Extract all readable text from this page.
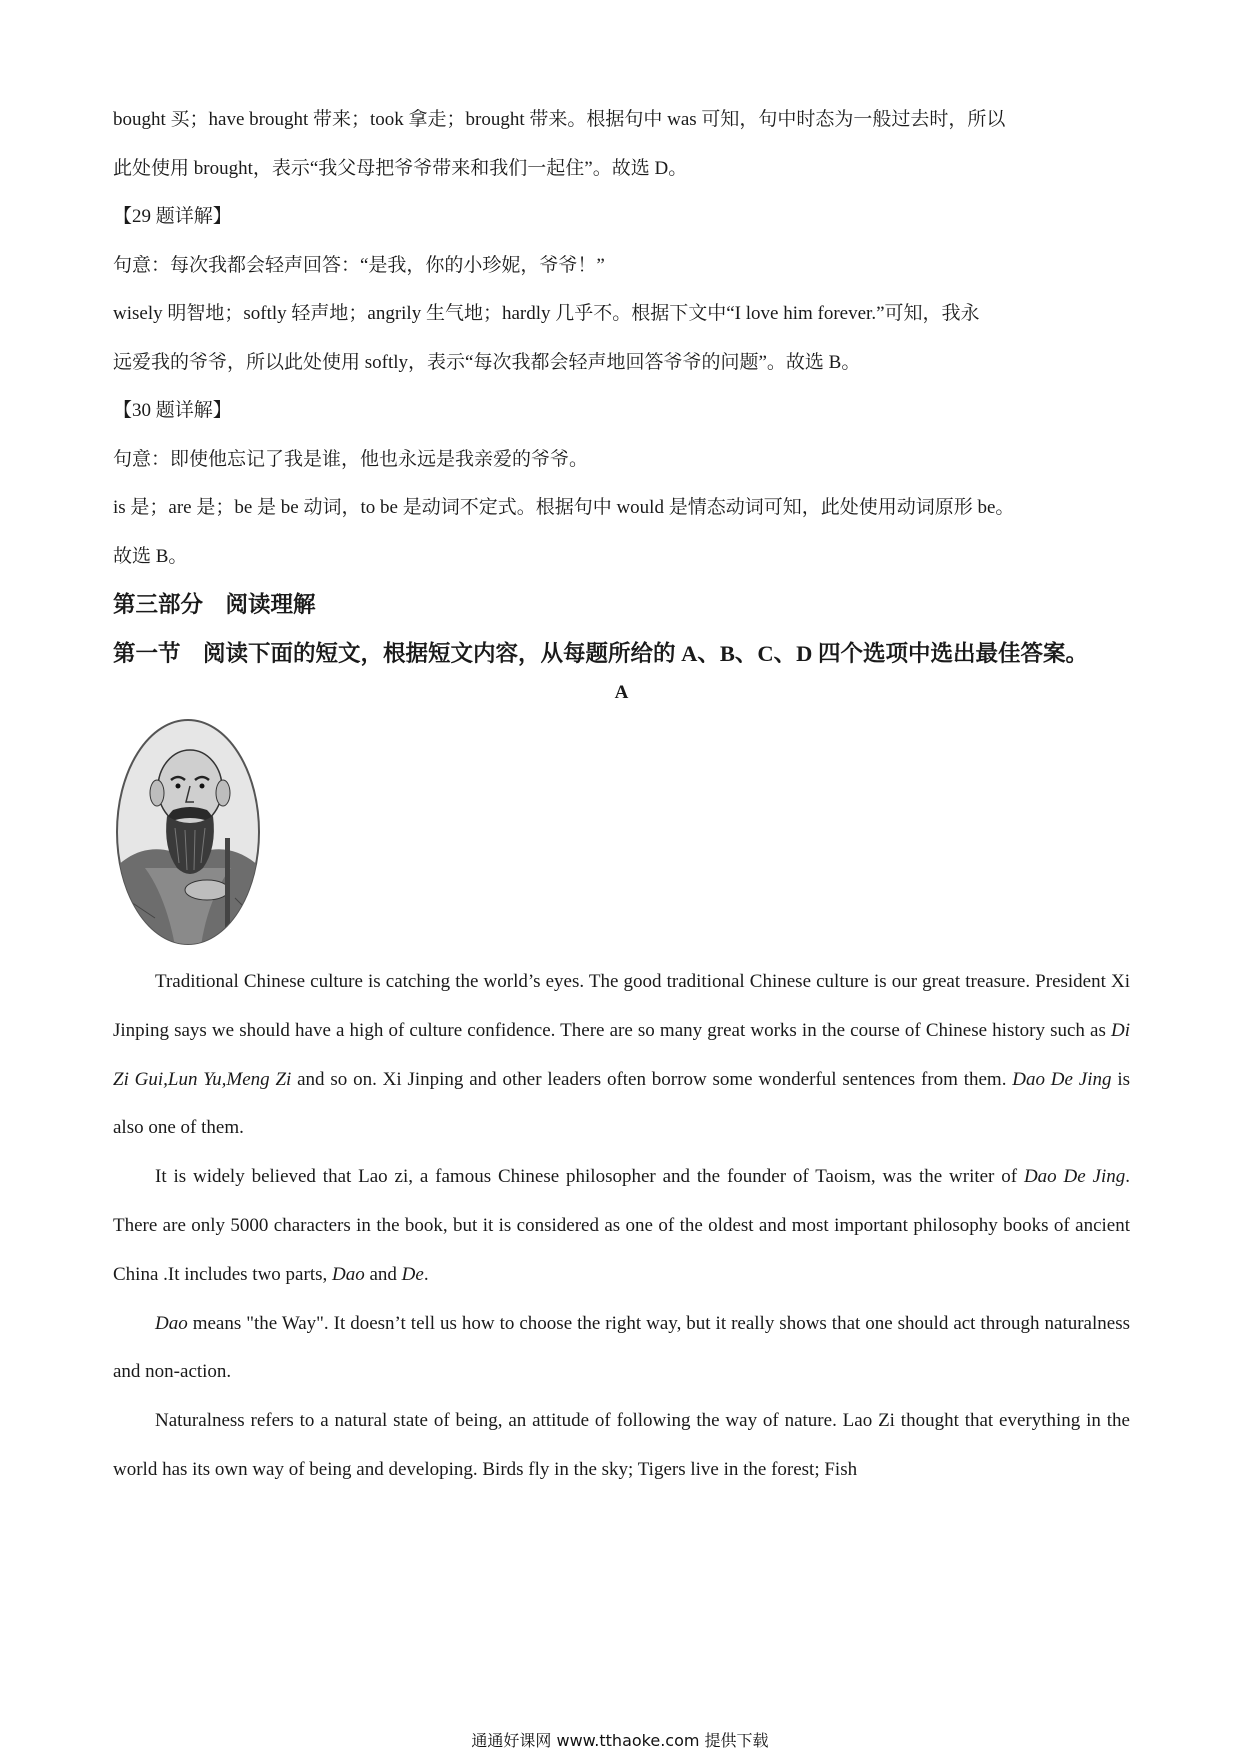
bought 买；have brought 带来；took 拿走；brought 带来。根据句中 was 可知，句中时态为一般过去时，所以

此处使用 brought，表示“我父母把爷爷带来和我们一起住”。故选 D。

【29 题详解】

句意：每次我都会轻声回答：“是我，你的小珍妮，爷爷！”

wisely 明智地；softly 轻声地；angrily 生气地；hardly 几乎不。根据下文中“I love him forever.”可知，我永

远爱我的爷爷，所以此处使用 softly，表示“每次我都会轻声地回答爷爷的问题”。故选 B。

【30 题详解】

句意：即使他忘记了我是谁，他也永远是我亲爱的爷爷。

is 是；are 是；be 是 be 动词，to be 是动词不定式。根据句中 would 是情态动词可知，此处使用动词原形 be。

故选 B。

第三部分　阅读理解

第一节　阅读下面的短文，根据短文内容，从每题所给的 A、B、C、D 四个选项中选出最佳答案。

A

Traditional Chinese culture is catching the world’s eyes. The good traditional Chinese culture is our great treasure. President Xi Jinping says we should have a high of culture confidence. There are so many great works in the course of Chinese history such as Di Zi Gui,Lun Yu,Meng Zi and so on. Xi Jinping and other leaders often borrow some wonderful sentences from them. Dao De Jing is also one of them.

It is widely believed that Lao zi, a famous Chinese philosopher and the founder of Taoism, was the writer of Dao De Jing. There are only 5000 characters in the book, but it is considered as one of the oldest and most important philosophy books of ancient China .It includes two parts, Dao and De.

Dao means "the Way". It doesn’t tell us how to choose the right way, but it really shows that one should act through naturalness and non-action.

Naturalness refers to a natural state of being, an attitude of following the way of nature. Lao Zi thought that everything in the world has its own way of being and developing. Birds fly in the sky; Tigers live in the forest; Fish

通通好课网 www.tthaoke.com 提供下载
